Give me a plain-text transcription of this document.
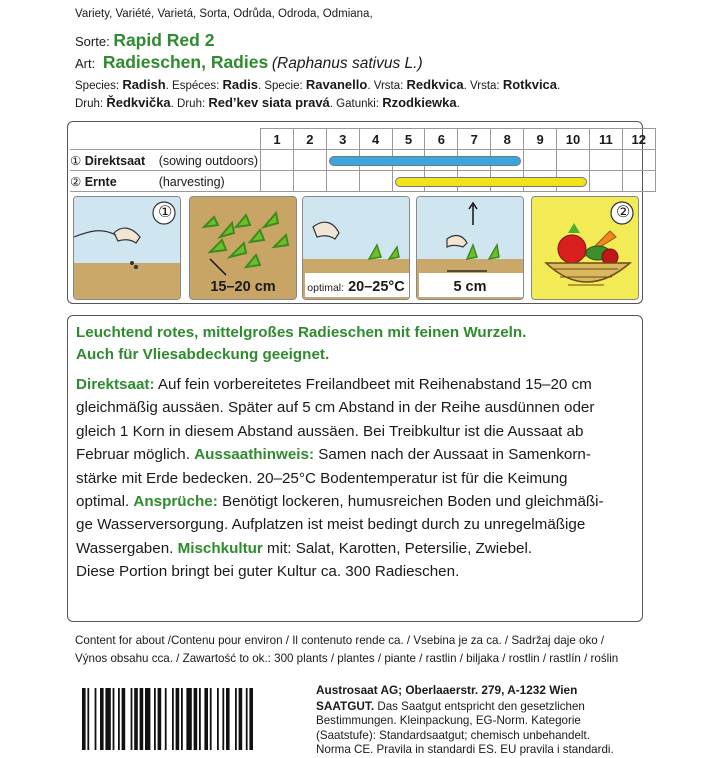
Variety, Variété, Varietá, Sorta, Odrůda, Odroda, Odmiana,
Sorte: Rapid Red 2
Art: Radieschen, Radies (Raphanus sativus L.)
Species: Radish. Espéces: Radis. Specie: Ravanello. Vrsta: Redkvica. Vrsta: Rotkvica.
Druh: Ředkvička. Druh: Red’kev siata pravá. Gatunki: Rzodkiewka.
	1	2	3	4	5	6	7	8	9	10	11	12
① Direktsaat (sowing outdoors)			

② Ernte (harvesting)					

①
15–20 cm	optimal: 20–25°C	5 cm
②
Leuchtend rotes, mittelgroßes Radieschen mit feinen Wurzeln.
Auch für Vliesabdeckung geeignet.

Direktsaat: Auf fein vorbereitetes Freilandbeet mit Reihenabstand 15–20 cm

gleichmäßig aussäen. Später auf 5 cm Abstand in der Reihe ausdünnen oder

gleich 1 Korn in diesem Abstand aussäen. Bei Treibkultur ist die Aussaat ab

Februar möglich. Aussaathinweis: Samen nach der Aussaat in Samenkorn-

stärke mit Erde bedecken. 20–25°C Bodentemperatur ist für die Keimung

optimal. Ansprüche: Benötigt lockeren, humusreichen Boden und gleichmäßi-

ge Wasserversorgung. Aufplatzen ist meist bedingt durch zu unregelmäßige

Wassergaben. Mischkultur mit: Salat, Karotten, Petersilie, Zwiebel.

Diese Portion bringt bei guter Kultur ca. 300 Radieschen.

Content for about /Contenu pour environ / Il contenuto rende ca. / Vsebina je za ca. / Sadržaj daje oko /
Výnos obsahu cca. / Zawartość to ok.: 300 plants / plantes / piante / rastlin / biljaka / rostlin / rastlín / roślin
Austrosaat AG; Oberlaaerstr. 279, A-1232 Wien
SAATGUT. Das Saatgut entspricht den gesetzlichen
Bestimmungen. Kleinpackung, EG-Norm. Kategorie
(Saatstufe): Standardsaatgut; chemisch unbehandelt.
Norma CE. Pravila in standardi ES. EU pravila i standardi.
